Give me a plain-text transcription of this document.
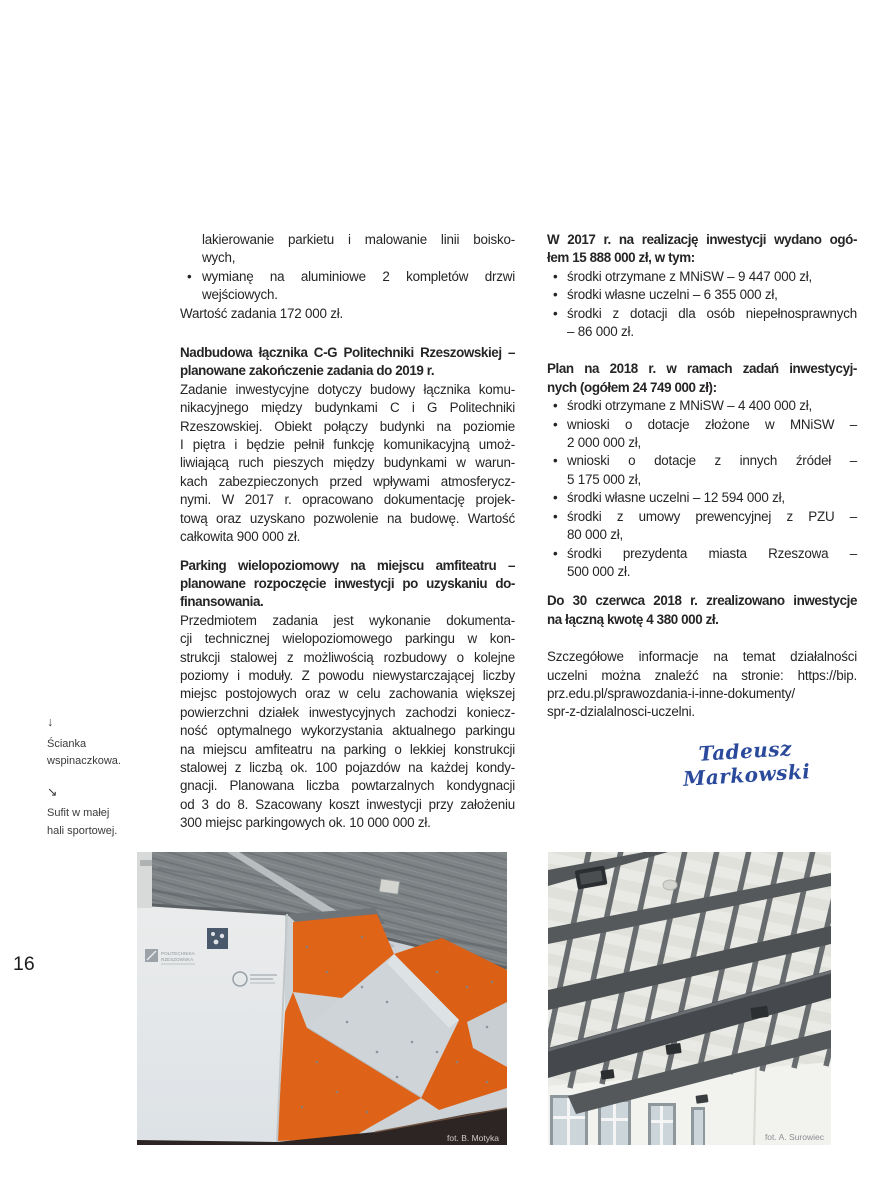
↓
Ścianka
wspinaczkowa.
↘
Sufit w małej
hali sportowej.
16
lakierowanie parkietu i malowanie linii boisko-
wych,
• wymianę na aluminiowe 2 kompletów drzwi
wejściowych.
Wartość zadania 172 000 zł.
Nadbudowa łącznika C-G Politechniki Rzeszowskiej –
planowane zakończenie zadania do 2019 r.
Zadanie inwestycyjne dotyczy budowy łącznika komu-
nikacyjnego między budynkami C i G Politechniki
Rzeszowskiej. Obiekt połączy budynki na poziomie
I piętra i będzie pełnił funkcję komunikacyjną umoż-
liwiającą ruch pieszych między budynkami w warun-
kach zabezpieczonych przed wpływami atmosferycz-
nymi. W 2017 r. opracowano dokumentację projek-
tową oraz uzyskano pozwolenie na budowę. Wartość
całkowita 900 000 zł.
Parking wielopoziomowy na miejscu amfiteatru –
planowane rozpoczęcie inwestycji po uzyskaniu do-
finansowania.
Przedmiotem zadania jest wykonanie dokumenta-
cji technicznej wielopoziomowego parkingu w kon-
strukcji stalowej z możliwością rozbudowy o kolejne
poziomy i moduły. Z powodu niewystarczającej liczby
miejsc postojowych oraz w celu zachowania większej
powierzchni działek inwestycyjnych zachodzi koniecz-
ność optymalnego wykorzystania aktualnego parkingu
na miejscu amfiteatru na parking o lekkiej konstrukcji
stalowej z liczbą ok. 100 pojazdów na każdej kondy-
gnacji. Planowana liczba powtarzalnych kondygnacji
od 3 do 8. Szacowany koszt inwestycji przy założeniu
300 miejsc parkingowych ok. 10 000 000 zł.
W 2017 r. na realizację inwestycji wydano ogó-
łem 15 888 000 zł, w tym:
• środki otrzymane z MNiSW – 9 447 000 zł,
• środki własne uczelni – 6 355 000 zł,
• środki z dotacji dla osób niepełnosprawnych
– 86 000 zł.
Plan na 2018 r. w ramach zadań inwestycyj-
nych (ogółem 24 749 000 zł):
• środki otrzymane z MNiSW – 4 400 000 zł,
• wnioski o dotacje złożone w MNiSW –
2 000 000 zł,
• wnioski o dotacje z innych źródeł –
5 175 000 zł,
• środki własne uczelni – 12 594 000 zł,
• środki z umowy prewencyjnej z PZU –
80 000 zł,
• środki prezydenta miasta Rzeszowa –
500 000 zł.
Do 30 czerwca 2018 r. zrealizowano inwestycje
na łączną kwotę 4 380 000 zł.
Szczegółowe informacje na temat działalności
uczelni można znaleźć na stronie: https://bip.
prz.edu.pl/sprawozdania-i-inne-dokumenty/
spr-z-dzialalnosci-uczelni.
Tadeusz Markowski
POLITECHNIKA
RZESZOWSKA
fot. B. Motyka	fot. A. Surowiec
